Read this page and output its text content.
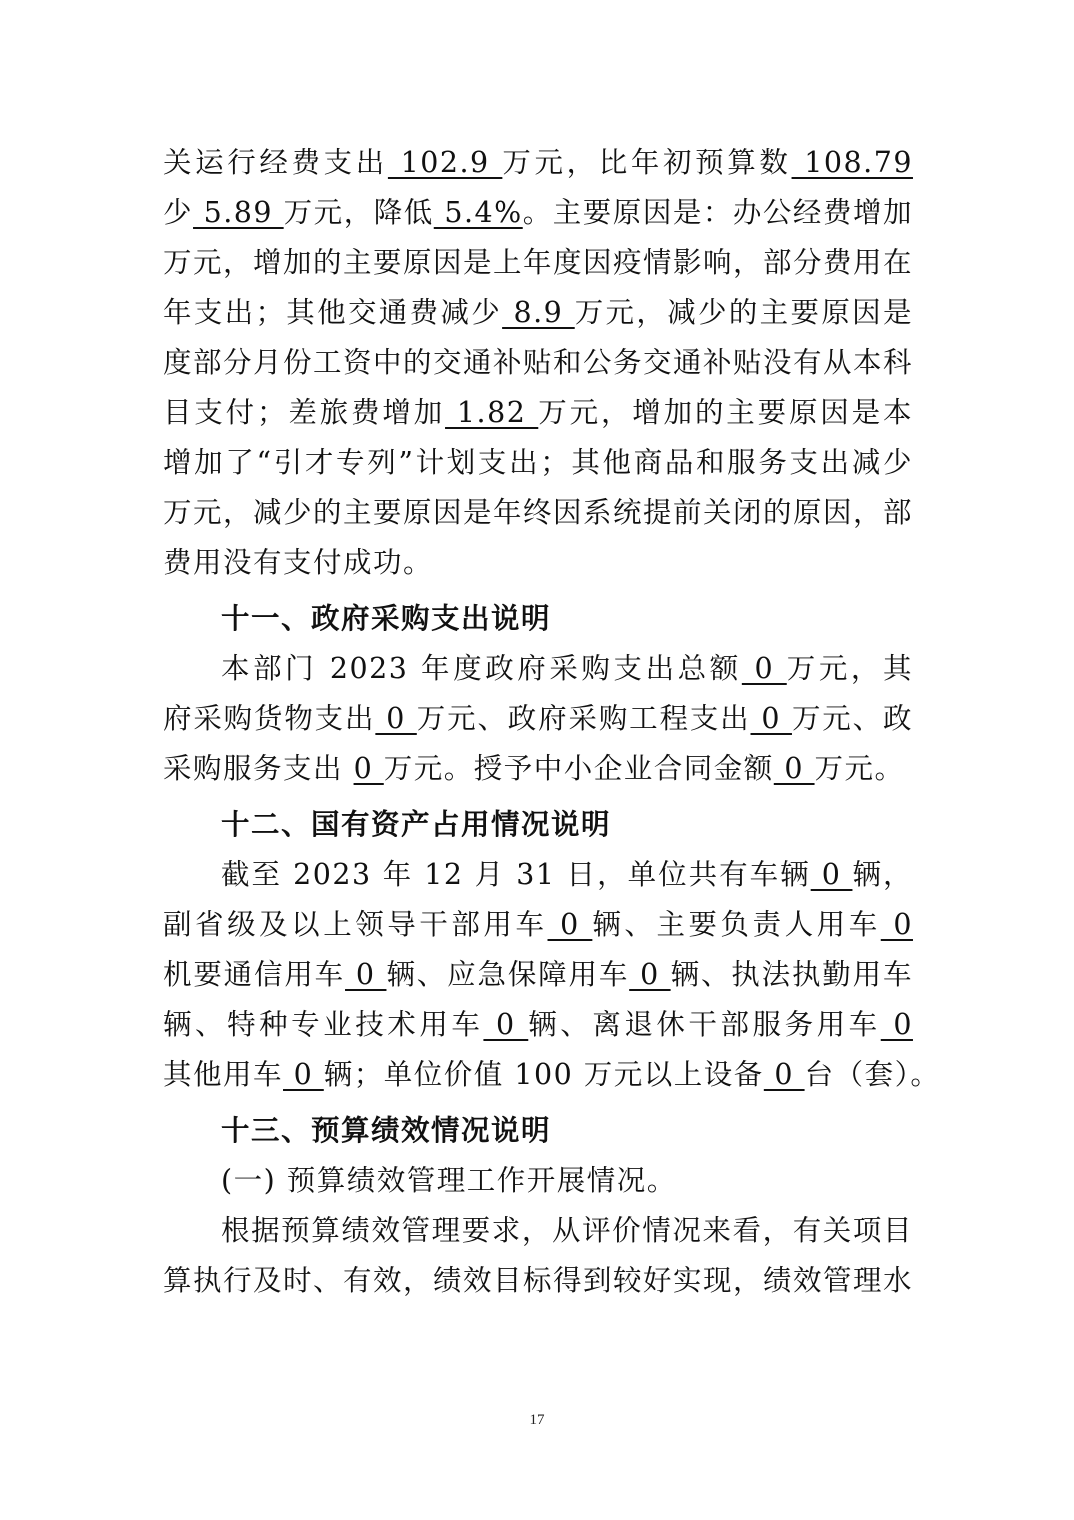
关运行经费支出 102.9 万元，比年初预算数 108.79
少 5.89 万元，降低 5.4%。主要原因是：办公经费增加
万元，增加的主要原因是上年度因疫情影响，部分费用在
年支出；其他交通费减少 8.9 万元，减少的主要原因是
度部分月份工资中的交通补贴和公务交通补贴没有从本科
目支付；差旅费增加 1.82 万元，增加的主要原因是本
增加了“引才专列”计划支出；其他商品和服务支出减少
万元，减少的主要原因是年终因系统提前关闭的原因，部
费用没有支付成功。
十一、政府采购支出说明
本部门 2023 年度政府采购支出总额 0 万元，其
府采购货物支出 0 万元、政府采购工程支出 0 万元、政
采购服务支出 0 万元。授予中小企业合同金额 0 万元。
十二、国有资产占用情况说明
截至 2023 年 12 月 31 日，单位共有车辆 0 辆，
副省级及以上领导干部用车 0 辆、主要负责人用车 0
机要通信用车 0 辆、应急保障用车 0 辆、执法执勤用车
辆、特种专业技术用车 0 辆、离退休干部服务用车 0
其他用车 0 辆；单位价值 100 万元以上设备 0 台（套）。
十三、预算绩效情况说明
(一) 预算绩效管理工作开展情况。
根据预算绩效管理要求，从评价情况来看，有关项目
算执行及时、有效，绩效目标得到较好实现，绩效管理水
17
